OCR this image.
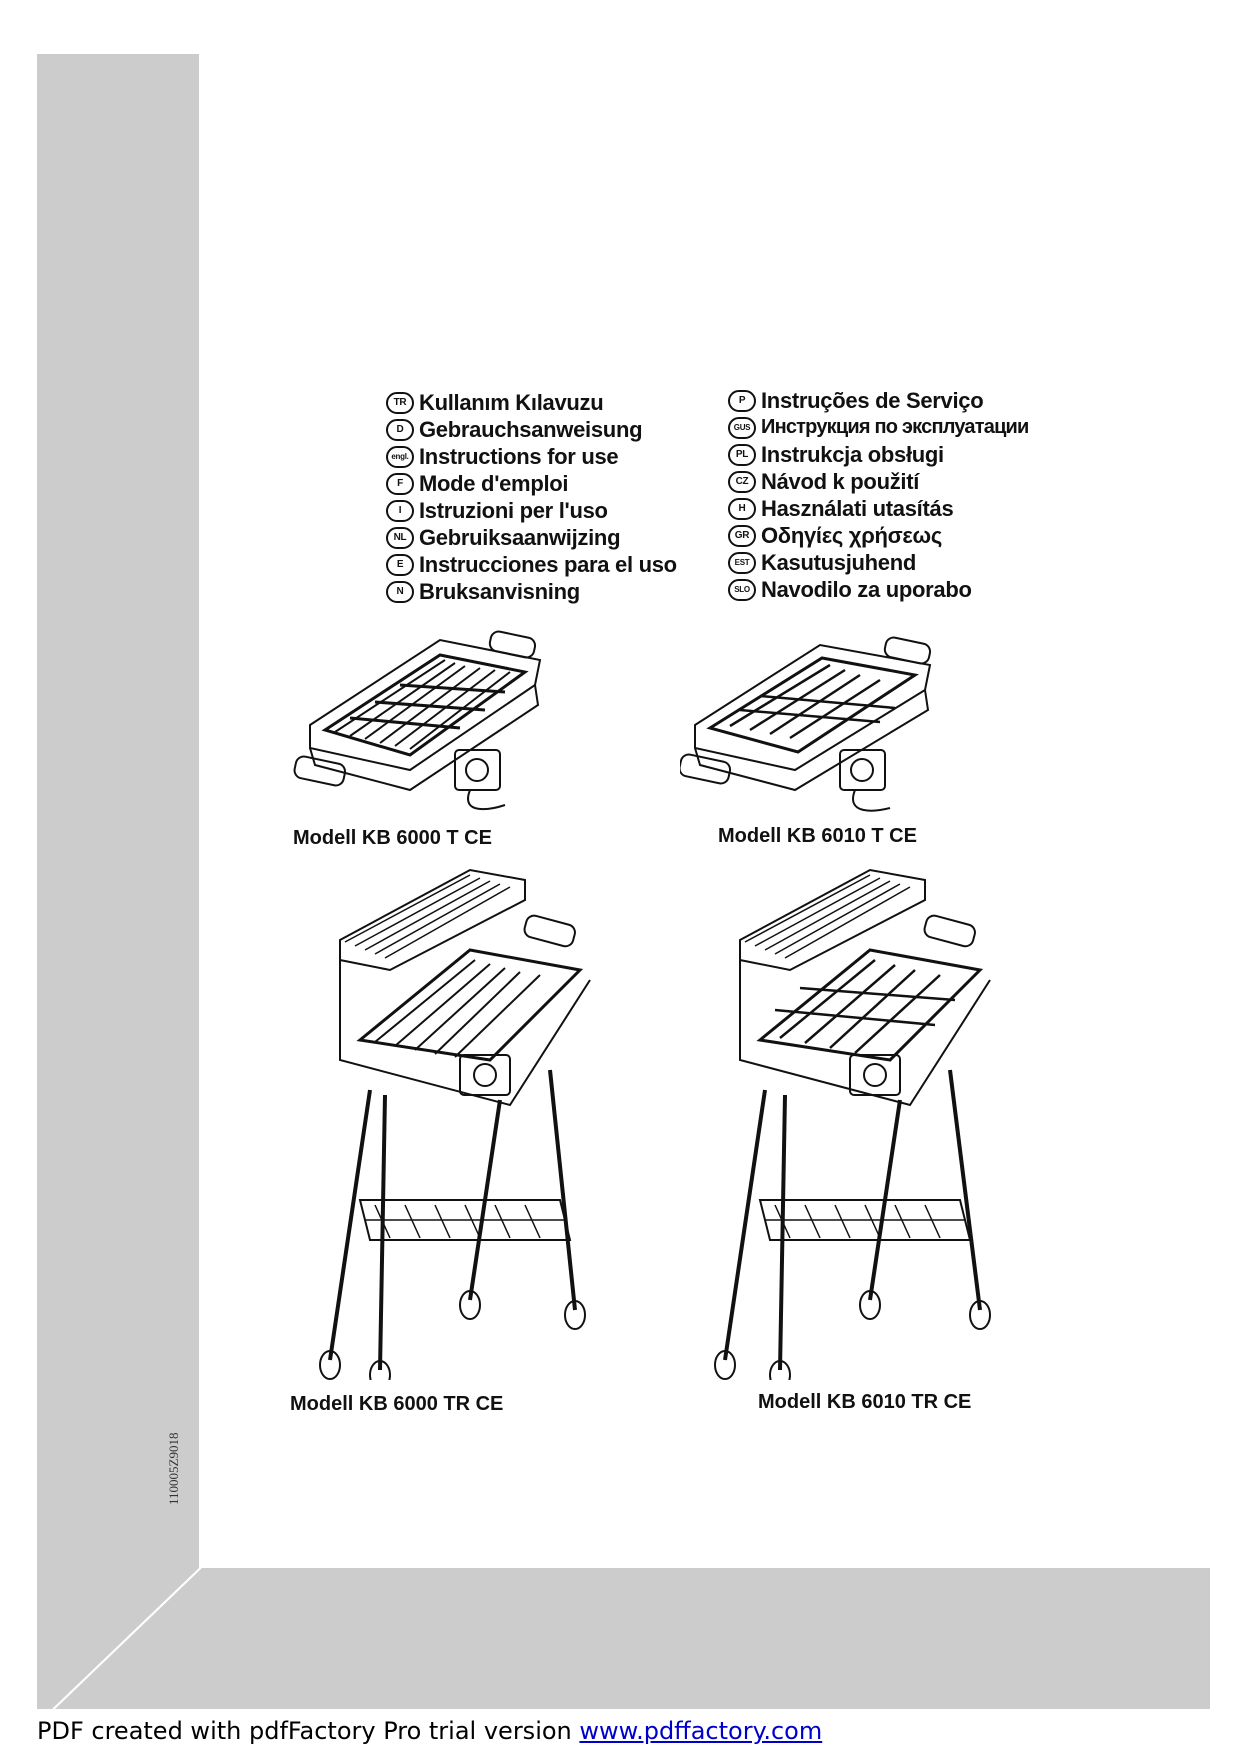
110005Z9018
TR Kullanım Kılavuzu
D Gebrauchsanweisung
engl. Instructions for use
F Mode d'emploi
I Istruzioni per l'uso
NL Gebruiksaanwijzing
E Instrucciones para el uso
N Bruksanvisning
P Instruções de Serviço
GUS Инструкция по эксплуатации
PL Instrukcja obsługi
CZ Návod k použití
H Használati utasítás
GR Οδηγίες χρήσεως
EST Kasutusjuhend
SLO Navodilo za uporabo
Modell KB 6000 T CE	Modell KB 6010 T CE
Modell KB 6000 TR CE	Modell KB 6010 TR CE
PDF created with pdfFactory Pro trial version www.pdffactory.com
